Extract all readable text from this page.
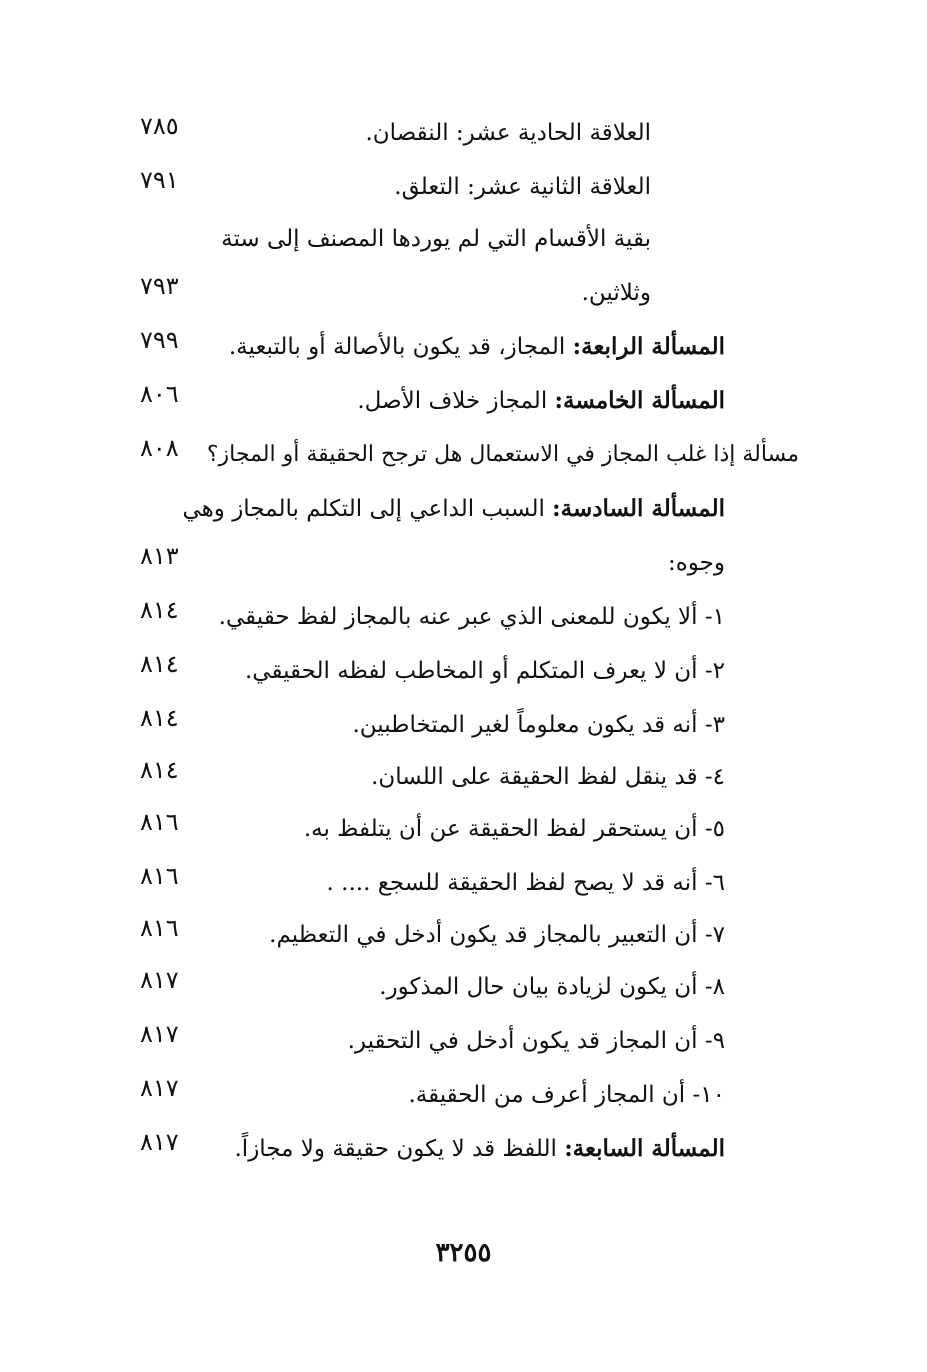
العلاقة الحادية عشر: النقصان.
٧٨٥
العلاقة الثانية عشر: التعلق.
٧٩١
بقية الأقسام التي لم يوردها المصنف إلى ستة
وثلاثين.
٧٩٣
المسألة الرابعة: المجاز، قد يكون بالأصالة أو بالتبعية.
٧٩٩
المسألة الخامسة: المجاز خلاف الأصل.
٨٠٦
مسألة إذا غلب المجاز في الاستعمال هل ترجح الحقيقة أو المجاز؟
٨٠٨
المسألة السادسة: السبب الداعي إلى التكلم بالمجاز وهي
وجوه:
٨١٣
١- ألا يكون للمعنى الذي عبر عنه بالمجاز لفظ حقيقي.
٨١٤
٢- أن لا يعرف المتكلم أو المخاطب لفظه الحقيقي.
٨١٤
٣- أنه قد يكون معلوماً لغير المتخاطبين.
٨١٤
٤- قد ينقل لفظ الحقيقة على اللسان.
٨١٤
٥- أن يستحقر لفظ الحقيقة عن أن يتلفظ به.
٨١٦
٦- أنه قد لا يصح لفظ الحقيقة للسجع .... .
٨١٦
٧- أن التعبير بالمجاز قد يكون أدخل في التعظيم.
٨١٦
٨- أن يكون لزيادة بيان حال المذكور.
٨١٧
٩- أن المجاز قد يكون أدخل في التحقير.
٨١٧
١٠- أن المجاز أعرف من الحقيقة.
٨١٧
المسألة السابعة: اللفظ قد لا يكون حقيقة ولا مجازاً.
٨١٧
٣٢٥٥
